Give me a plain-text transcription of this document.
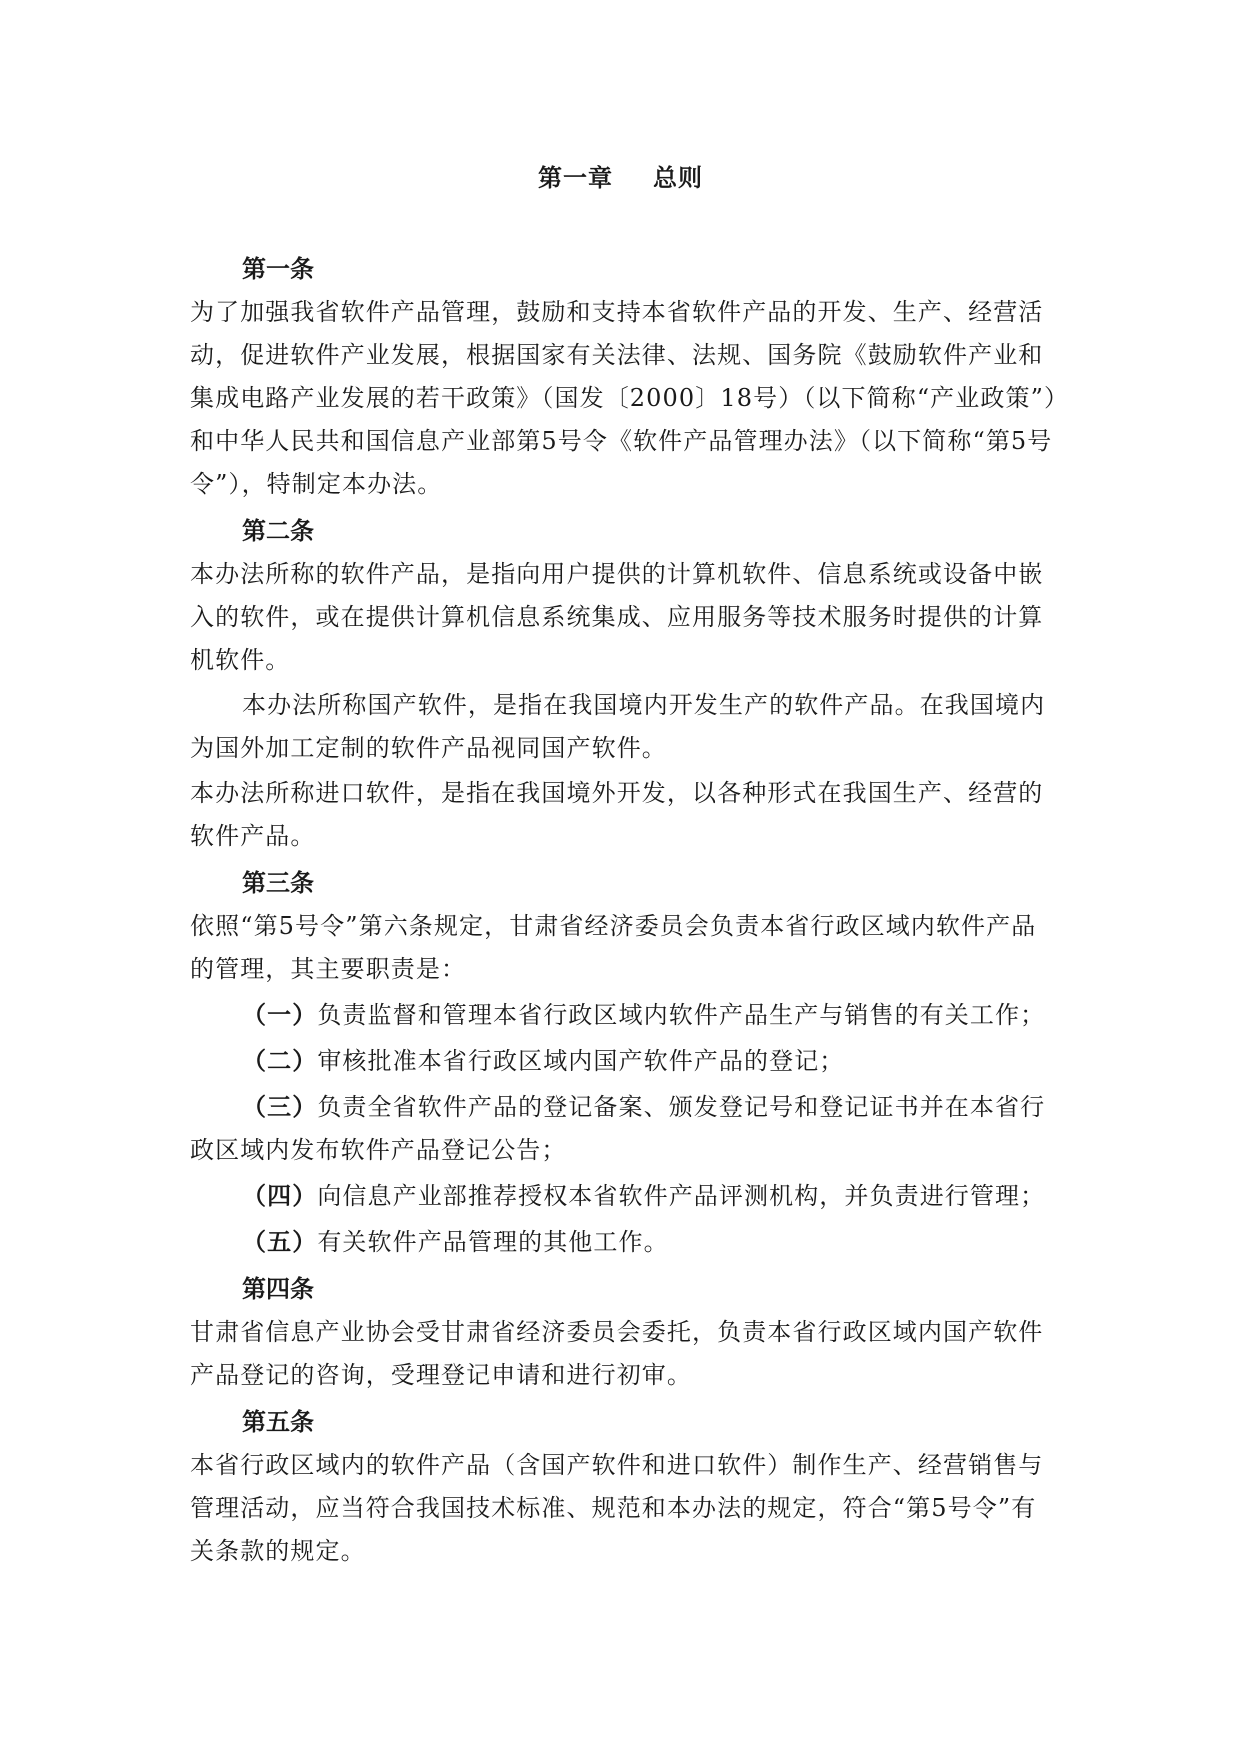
第一章 总则
第一条
为了加强我省软件产品管理，鼓励和支持本省软件产品的开发、生产、经营活动，促进软件产业发展，根据国家有关法律、法规、国务院《鼓励软件产业和集成电路产业发展的若干政策》（国发〔2000〕18号）（以下简称“产业政策”）和中华人民共和国信息产业部第5号令《软件产品管理办法》（以下简称“第5号令”），特制定本办法。
第二条
本办法所称的软件产品，是指向用户提供的计算机软件、信息系统或设备中嵌入的软件，或在提供计算机信息系统集成、应用服务等技术服务时提供的计算机软件。
本办法所称国产软件，是指在我国境内开发生产的软件产品。在我国境内为国外加工定制的软件产品视同国产软件。
本办法所称进口软件，是指在我国境外开发，以各种形式在我国生产、经营的软件产品。
第三条
依照“第5号令”第六条规定，甘肃省经济委员会负责本省行政区域内软件产品的管理，其主要职责是：
（一）负责监督和管理本省行政区域内软件产品生产与销售的有关工作；
（二）审核批准本省行政区域内国产软件产品的登记；
（三）负责全省软件产品的登记备案、颁发登记号和登记证书并在本省行政区域内发布软件产品登记公告；
（四）向信息产业部推荐授权本省软件产品评测机构，并负责进行管理；
（五）有关软件产品管理的其他工作。
第四条
甘肃省信息产业协会受甘肃省经济委员会委托，负责本省行政区域内国产软件产品登记的咨询，受理登记申请和进行初审。
第五条
本省行政区域内的软件产品（含国产软件和进口软件）制作生产、经营销售与管理活动，应当符合我国技术标准、规范和本办法的规定，符合“第5号令”有关条款的规定。
